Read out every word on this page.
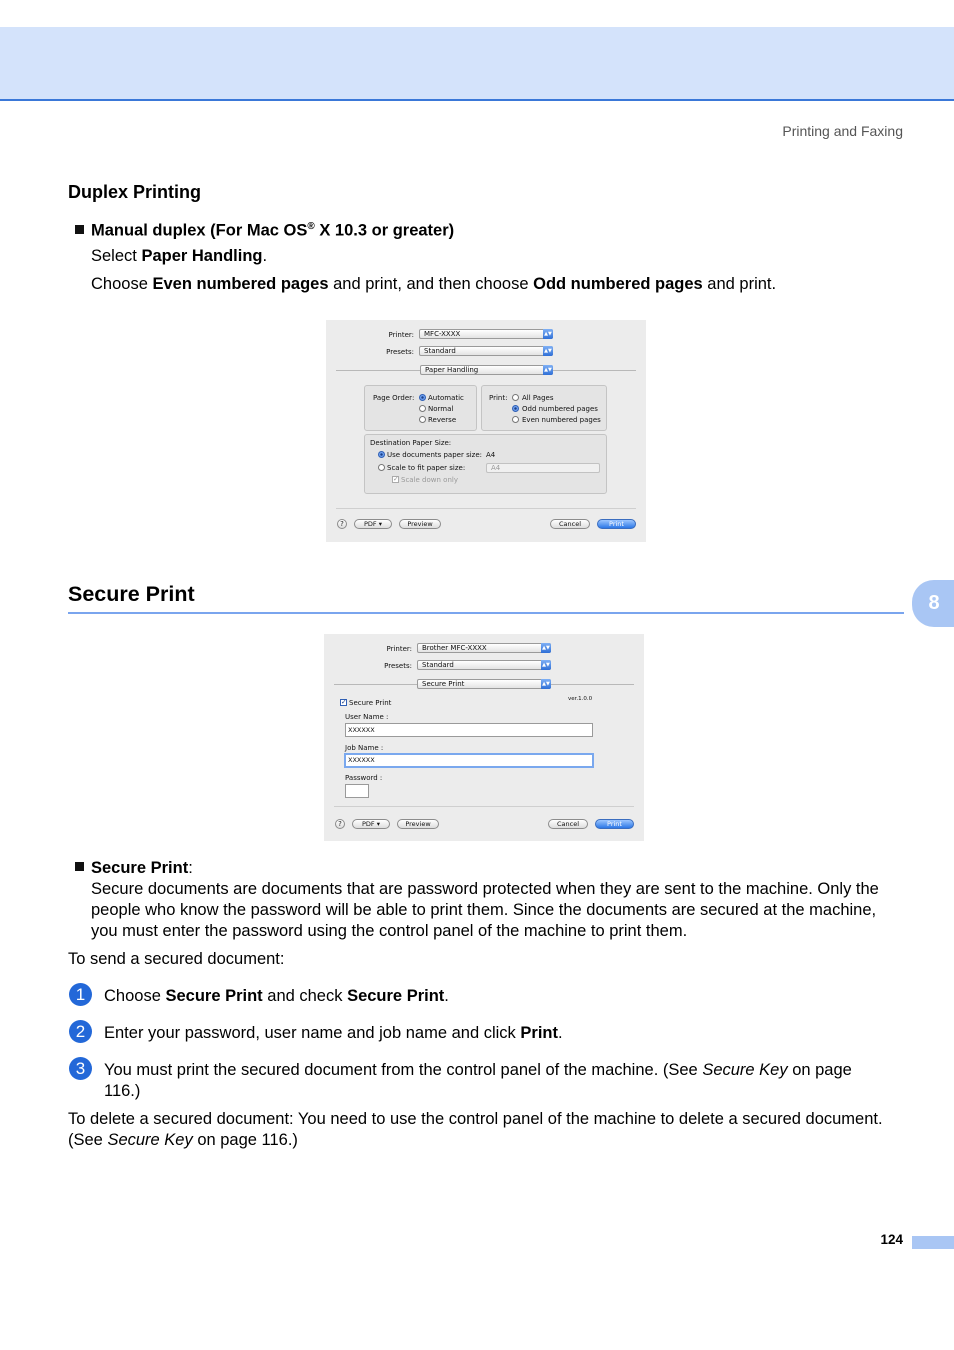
Printing and Faxing
Duplex Printing
Manual duplex (For Mac OS® X 10.3 or greater)
Select Paper Handling.
Choose Even numbered pages and print, and then choose Odd numbered pages and print.
Printer:	MFC-XXXX	▲▼
Presets:	Standard	▲▼
Paper Handling	▲▼
Page Order: Automatic
Normal
Reverse
Print: All Pages
Odd numbered pages
Even numbered pages
Destination Paper Size:
Use documents paper size: A4
Scale to fit paper size:	A4
✓ Scale down only
?	PDF ▾	Preview	Cancel	Print
Secure Print	8
Printer:	Brother MFC-XXXX	▲▼
Presets:	Standard	▲▼
Secure Print	▲▼
✓ Secure Print	ver.1.0.0
User Name :
XXXXXX
Job Name :
XXXXXX
Password :
?	PDF ▾	Preview	Cancel	Print
Secure Print:
Secure documents are documents that are password protected when they are sent to the machine. Only the people who know the password will be able to print them. Since the documents are secured at the machine, you must enter the password using the control panel of the machine to print them.
To send a secured document:
1	Choose Secure Print and check Secure Print.
2	Enter your password, user name and job name and click Print.
3	You must print the secured document from the control panel of the machine. (See Secure Key on page 116.)
To delete a secured document: You need to use the control panel of the machine to delete a secured document. (See Secure Key on page 116.)
124
